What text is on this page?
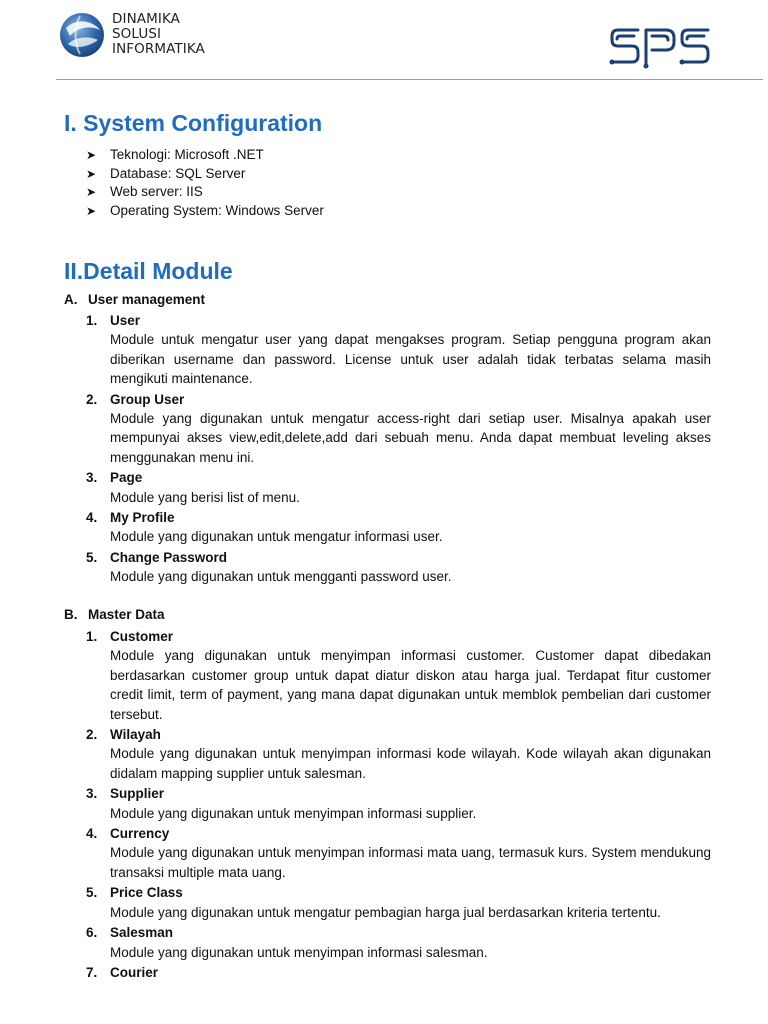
DINAMIKA
SOLUSI
INFORMATIKA
I. System Configuration
➤ Teknologi: Microsoft .NET
➤ Database: SQL Server
➤ Web server: IIS
➤ Operating System: Windows Server
II.Detail Module
A. User management
1. User
Module untuk mengatur user yang dapat mengakses program. Setiap pengguna program akan diberikan username dan password. License untuk user adalah tidak terbatas selama masih mengikuti maintenance.
2. Group User
Module yang digunakan untuk mengatur access-right dari setiap user. Misalnya apakah user mempunyai akses view,edit,delete,add dari sebuah menu. Anda dapat membuat leveling akses menggunakan menu ini.
3. Page
Module yang berisi list of menu.
4. My Profile
Module yang digunakan untuk mengatur informasi user.
5. Change Password
Module yang digunakan untuk mengganti password user.
B. Master Data
1. Customer
Module yang digunakan untuk menyimpan informasi customer. Customer dapat dibedakan berdasarkan customer group untuk dapat diatur diskon atau harga jual. Terdapat fitur customer credit limit, term of payment, yang mana dapat digunakan untuk memblok pembelian dari customer tersebut.
2. Wilayah
Module yang digunakan untuk menyimpan informasi kode wilayah. Kode wilayah akan digunakan didalam mapping supplier untuk salesman.
3. Supplier
Module yang digunakan untuk menyimpan informasi supplier.
4. Currency
Module yang digunakan untuk menyimpan informasi mata uang, termasuk kurs. System mendukung transaksi multiple mata uang.
5. Price Class
Module yang digunakan untuk mengatur pembagian harga jual berdasarkan kriteria tertentu.
6. Salesman
Module yang digunakan untuk menyimpan informasi salesman.
7. Courier
